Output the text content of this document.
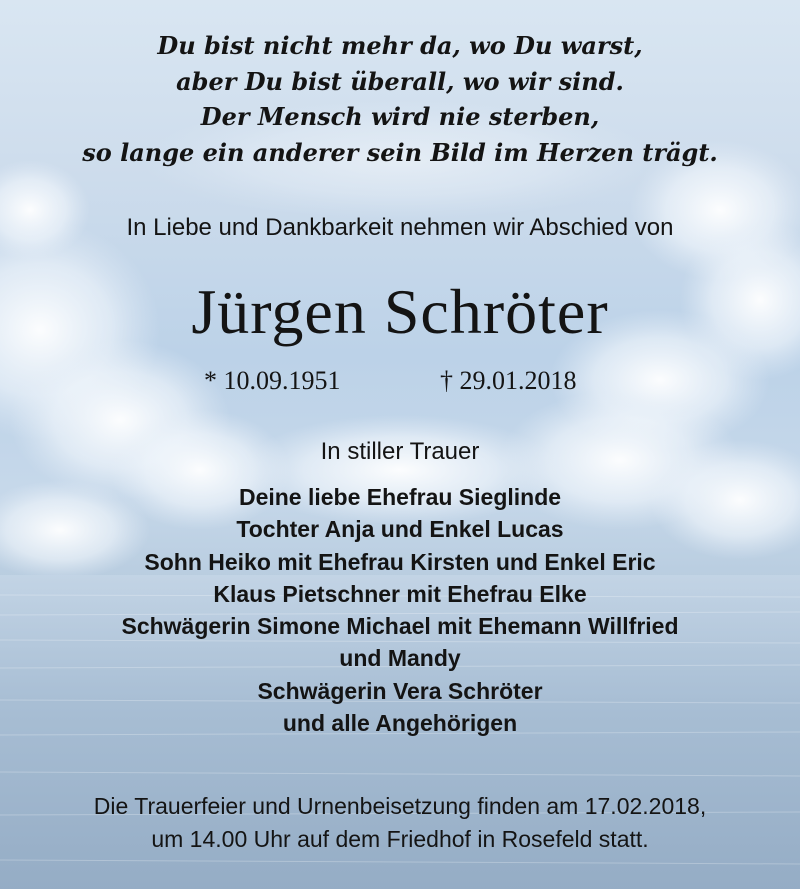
Du bist nicht mehr da, wo Du warst,
aber Du bist überall, wo wir sind.
Der Mensch wird nie sterben,
so lange ein anderer sein Bild im Herzen trägt.
In Liebe und Dankbarkeit nehmen wir Abschied von
Jürgen Schröter
* 10.09.1951	† 29.01.2018
In stiller Trauer
Deine liebe Ehefrau Sieglinde
Tochter Anja und Enkel Lucas
Sohn Heiko mit Ehefrau Kirsten und Enkel Eric
Klaus Pietschner mit Ehefrau Elke
Schwägerin Simone Michael mit Ehemann Willfried
und Mandy
Schwägerin Vera Schröter
und alle Angehörigen
Die Trauerfeier und Urnenbeisetzung finden am 17.02.2018,
um 14.00 Uhr auf dem Friedhof in Rosefeld statt.
